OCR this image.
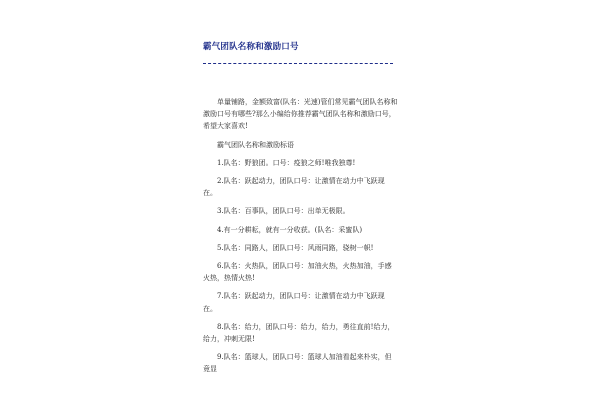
霸气团队名称和激励口号

单量铺路，金额致富(队名：光速)管们常见霸气团队名称和激励口号有哪些?那么小编给你推荐霸气团队名称和激励口号，希望大家喜欢!

霸气团队名称和激励标语

1.队名：野狼团。口号：疫狼之师!唯我独尊!

2.队名：跃起动力，团队口号：让激情在动力中飞跃现在。

3.队名：百事队，团队口号：出单无极限。

4.有一分耕耘，就有一分收获。(队名：采蜜队)

5.队名：同路人，团队口号：风雨同路，骁树一帜!

6.队名：火热队，团队口号：加油火热，火热加油，手感火热，热情火热!

7.队名：跃起动力，团队口号：让激情在动力中飞跃现在。

8.队名：给力，团队口号：给力，给力，勇往直前!给力，给力，冲刺无限!

9.队名：篮球人，团队口号：篮球人加油看起来朴实，但竟显
